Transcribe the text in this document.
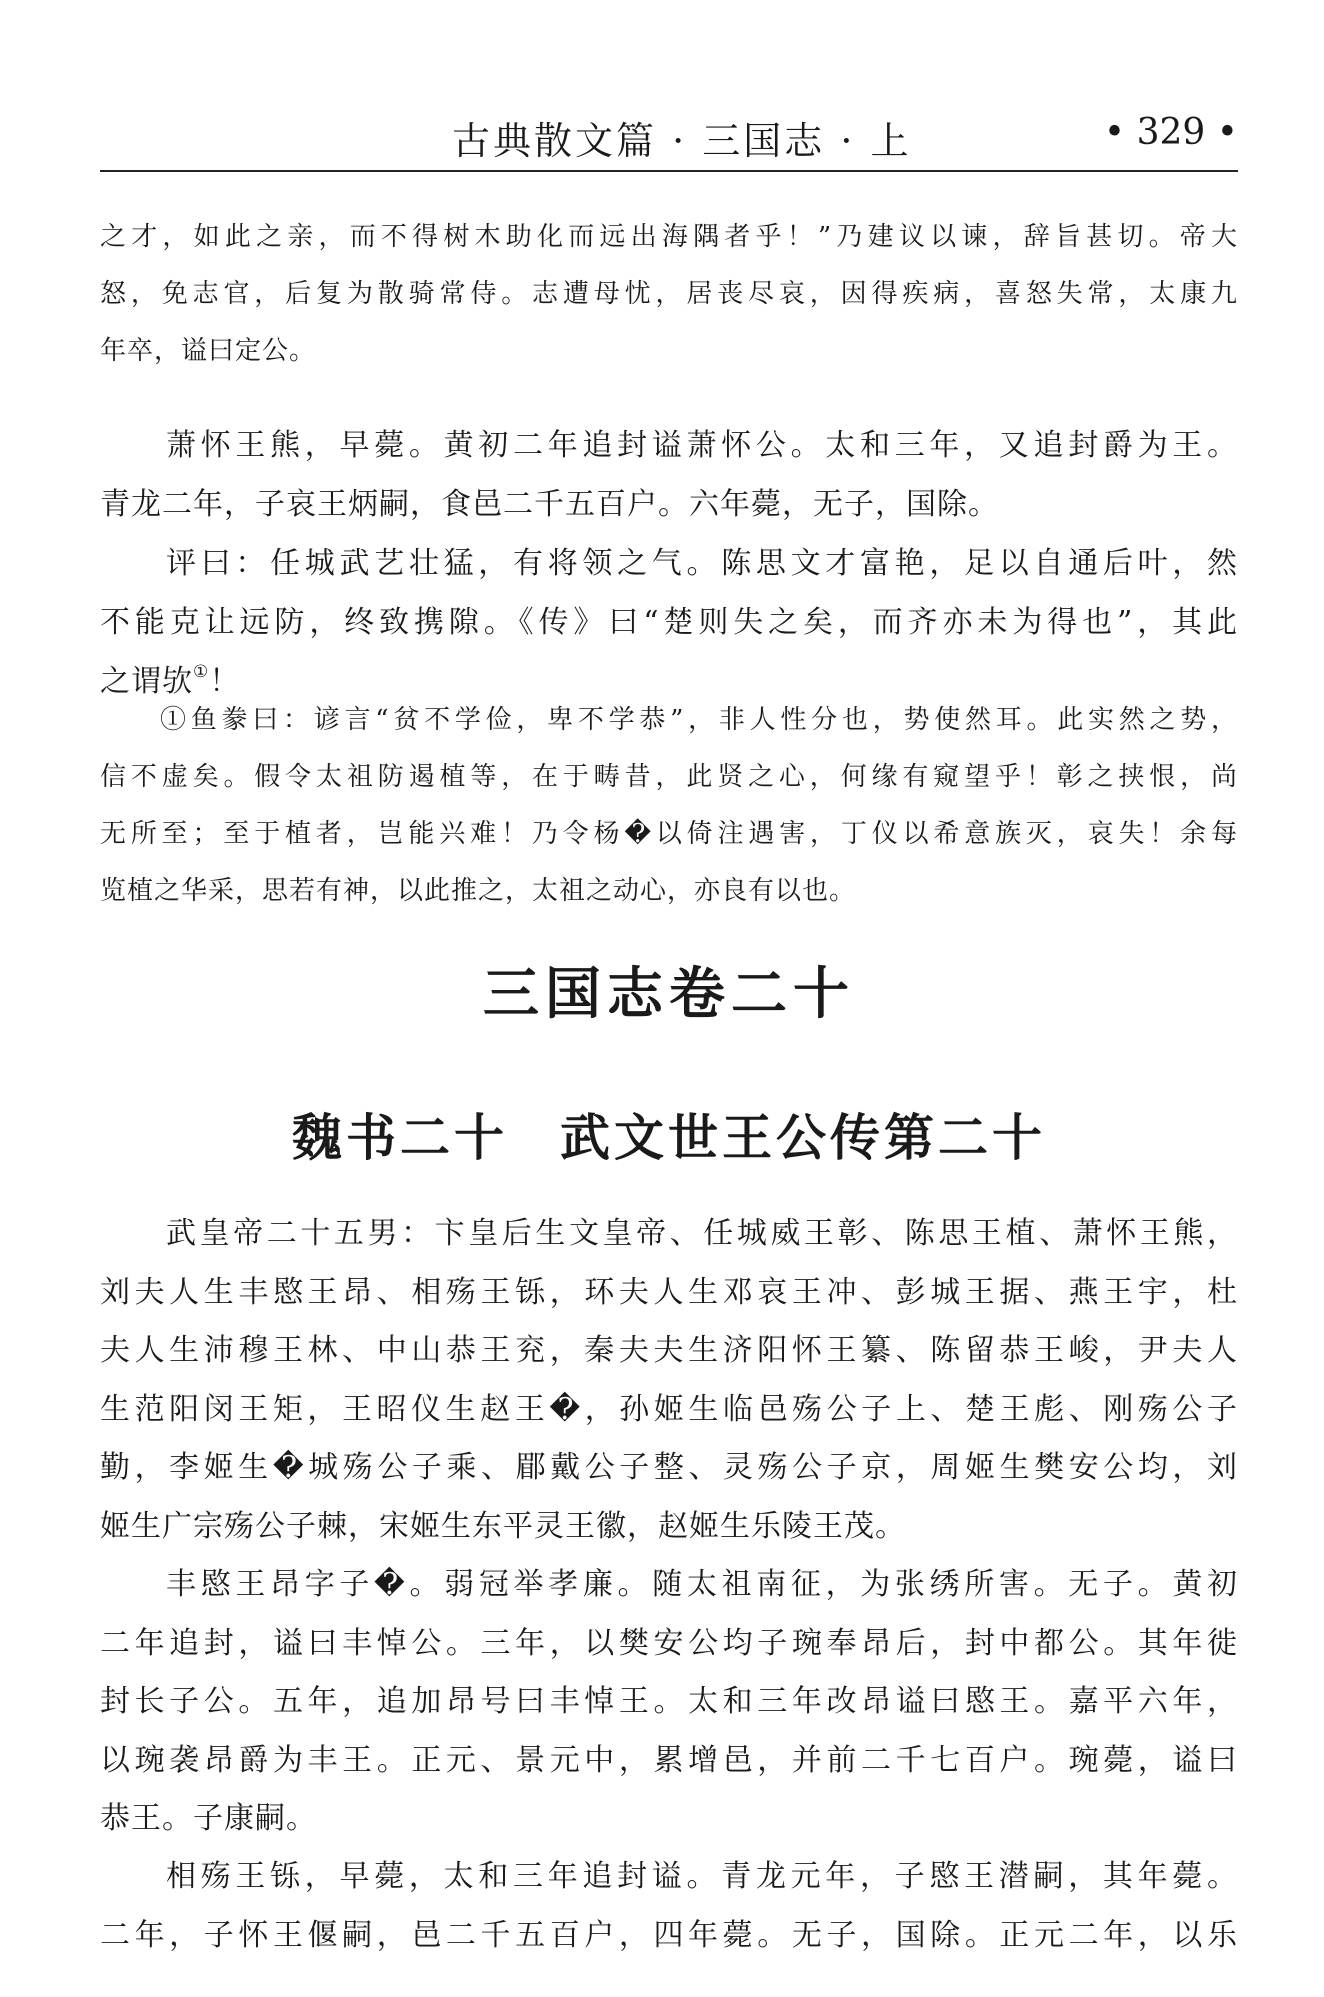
古典散文篇 · 三国志 · 上	• 329 •

之才，如此之亲，而不得树木助化而远出海隅者乎！”乃建议以谏，辞旨甚切。帝大

怒，免志官，后复为散骑常侍。志遭母忧，居丧尽哀，因得疾病，喜怒失常，太康九

年卒，谥曰定公。

萧怀王熊，早薨。黄初二年追封谥萧怀公。太和三年，又追封爵为王。

青龙二年，子哀王炳嗣，食邑二千五百户。六年薨，无子，国除。

评曰：任城武艺壮猛，有将领之气。陈思文才富艳，足以自通后叶，然

不能克让远防，终致携隙。《传》曰“楚则失之矣，而齐亦未为得也”，其此

之谓欤①！

①鱼豢曰：谚言“贫不学俭，卑不学恭”，非人性分也，势使然耳。此实然之势，

信不虚矣。假令太祖防遏植等，在于畴昔，此贤之心，何缘有窥望乎！彰之挟恨，尚

无所至；至于植者，岂能兴难！乃令杨�以倚注遇害，丁仪以希意族灭，哀失！余每

览植之华采，思若有神，以此推之，太祖之动心，亦良有以也。

三国志卷二十
魏书二十 武文世王公传第二十

武皇帝二十五男：卞皇后生文皇帝、任城威王彰、陈思王植、萧怀王熊，

刘夫人生丰愍王昂、相殇王铄，环夫人生邓哀王冲、彭城王据、燕王宇，杜

夫人生沛穆王林、中山恭王兖，秦夫夫生济阳怀王纂、陈留恭王峻，尹夫人

生范阳闵王矩，王昭仪生赵王�，孙姬生临邑殇公子上、楚王彪、刚殇公子

勤，李姬生�城殇公子乘、郿戴公子整、灵殇公子京，周姬生樊安公均，刘

姬生广宗殇公子棘，宋姬生东平灵王徽，赵姬生乐陵王茂。

丰愍王昂字子�。弱冠举孝廉。随太祖南征，为张绣所害。无子。黄初

二年追封，谥曰丰悼公。三年，以樊安公均子琬奉昂后，封中都公。其年徙

封长子公。五年，追加昂号曰丰悼王。太和三年改昂谥曰愍王。嘉平六年，

以琬袭昂爵为丰王。正元、景元中，累增邑，并前二千七百户。琬薨，谥曰

恭王。子康嗣。

相殇王铄，早薨，太和三年追封谥。青龙元年，子愍王潜嗣，其年薨。

二年，子怀王偃嗣，邑二千五百户，四年薨。无子，国除。正元二年，以乐
